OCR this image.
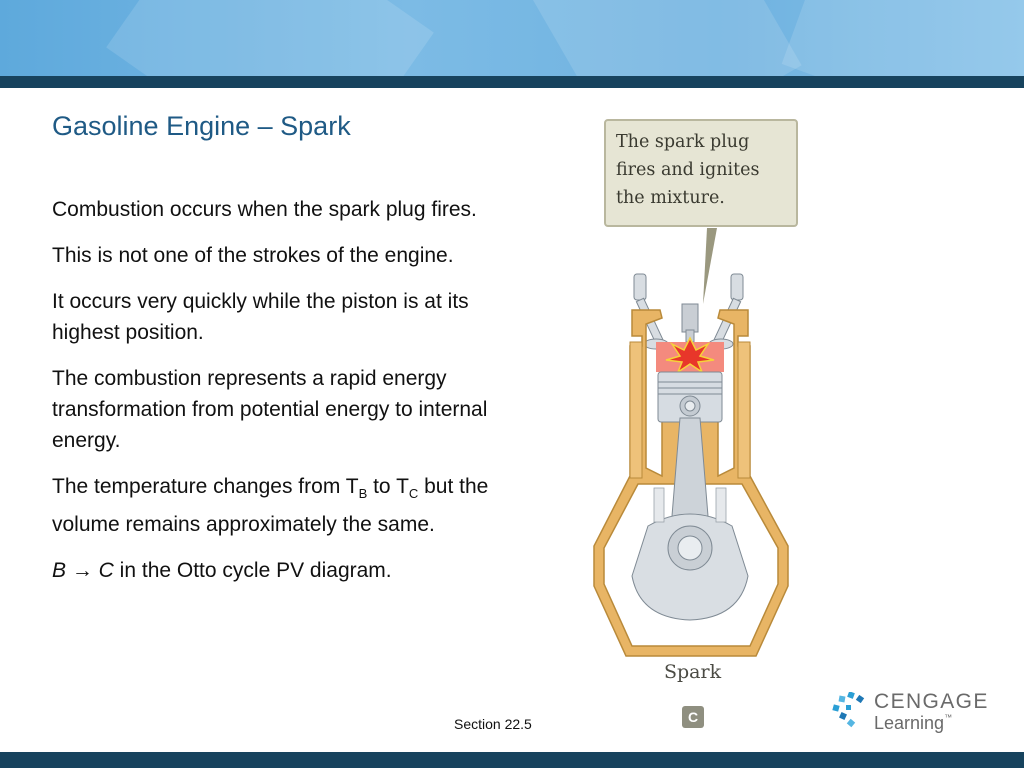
Gasoline Engine – Spark

Combustion occurs when the spark plug fires.

This is not one of the strokes of the engine.

It occurs very quickly while the piston is at its highest position.

The combustion represents a rapid energy transformation from potential energy to internal energy.

The temperature changes from $T_B$ to $T_C$ but the volume remains approximately the same.

B → C in the Otto cycle PV diagram.

The spark plug fires and ignites the mixture.
Spark
C
Section 22.5
CENGAGE
Learning™
